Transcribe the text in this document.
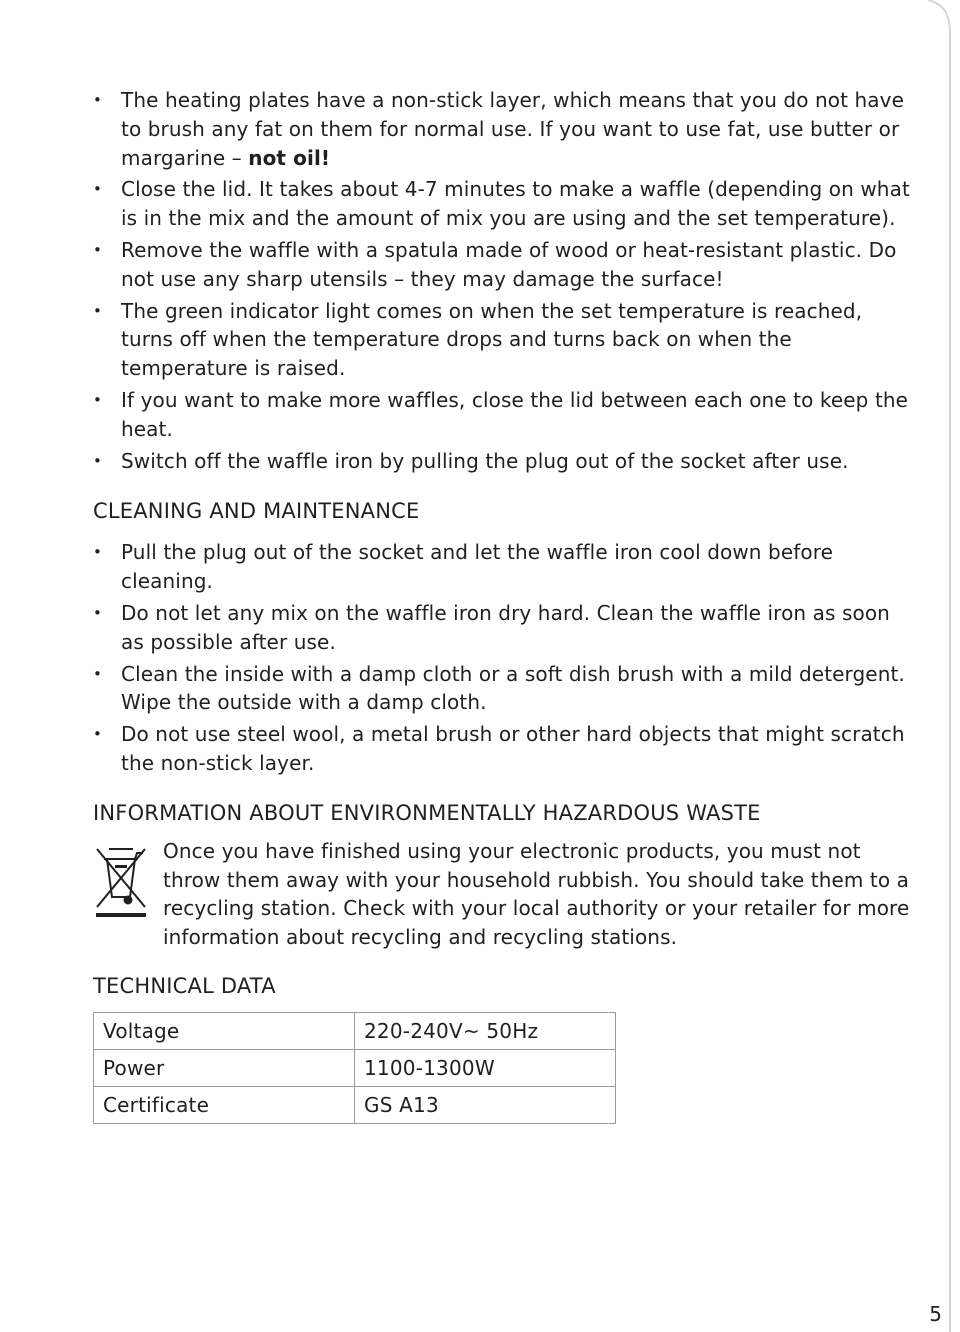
• The heating plates have a non-stick layer, which means that you do not have to brush any fat on them for normal use. If you want to use fat, use butter or margarine – not oil!
• Close the lid. It takes about 4-7 minutes to make a waffle (depending on what is in the mix and the amount of mix you are using and the set temperature).
• Remove the waffle with a spatula made of wood or heat-resistant plastic. Do not use any sharp utensils – they may damage the surface!
• The green indicator light comes on when the set temperature is reached, turns off when the temperature drops and turns back on when the temperature is raised.
• If you want to make more waffles, close the lid between each one to keep the heat.
• Switch off the waffle iron by pulling the plug out of the socket after use.
CLEANING AND MAINTENANCE
• Pull the plug out of the socket and let the waffle iron cool down before cleaning.
• Do not let any mix on the waffle iron dry hard. Clean the waffle iron as soon as possible after use.
• Clean the inside with a damp cloth or a soft dish brush with a mild detergent. Wipe the outside with a damp cloth.
• Do not use steel wool, a metal brush or other hard objects that might scratch the non-stick layer.
INFORMATION ABOUT ENVIRONMENTALLY HAZARDOUS WASTE
Once you have finished using your electronic products, you must not throw them away with your household rubbish. You should take them to a recycling station. Check with your local authority or your retailer for more information about recycling and recycling stations.
TECHNICAL DATA
Voltage	220-240V~ 50Hz
Power	1100-1300W
Certificate	GS A13
5
